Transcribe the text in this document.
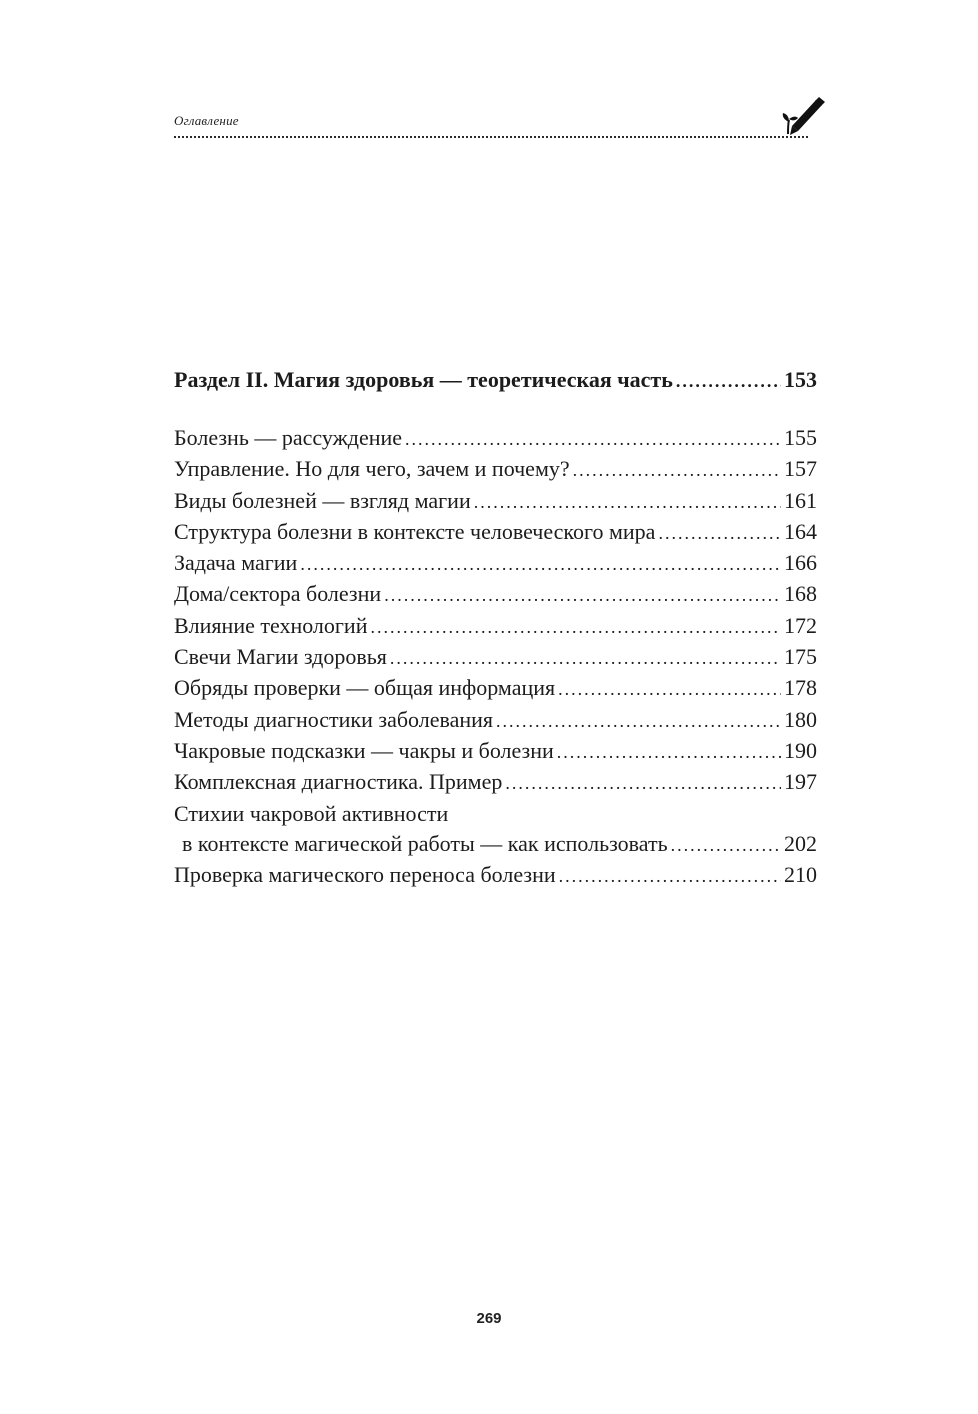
Оглавление
Раздел II. Магия здоровья — теоретическая часть .....	153
Болезнь — рассуждение .....	155
Управление. Но для чего, зачем и почему? .....	157
Виды болезней — взгляд магии .....	161
Структура болезни в контексте человеческого мира .....	164
Задача магии .....	166
Дома/сектора болезни .....	168
Влияние технологий .....	172
Свечи Магии здоровья .....	175
Обряды проверки — общая информация .....	178
Методы диагностики заболевания .....	180
Чакровые подсказки — чакры и болезни .....	190
Комплексная диагностика. Пример .....	197
Стихии чакровой активности
в контексте магической работы — как использовать .....	202
Проверка магического переноса болезни .....	210
269
